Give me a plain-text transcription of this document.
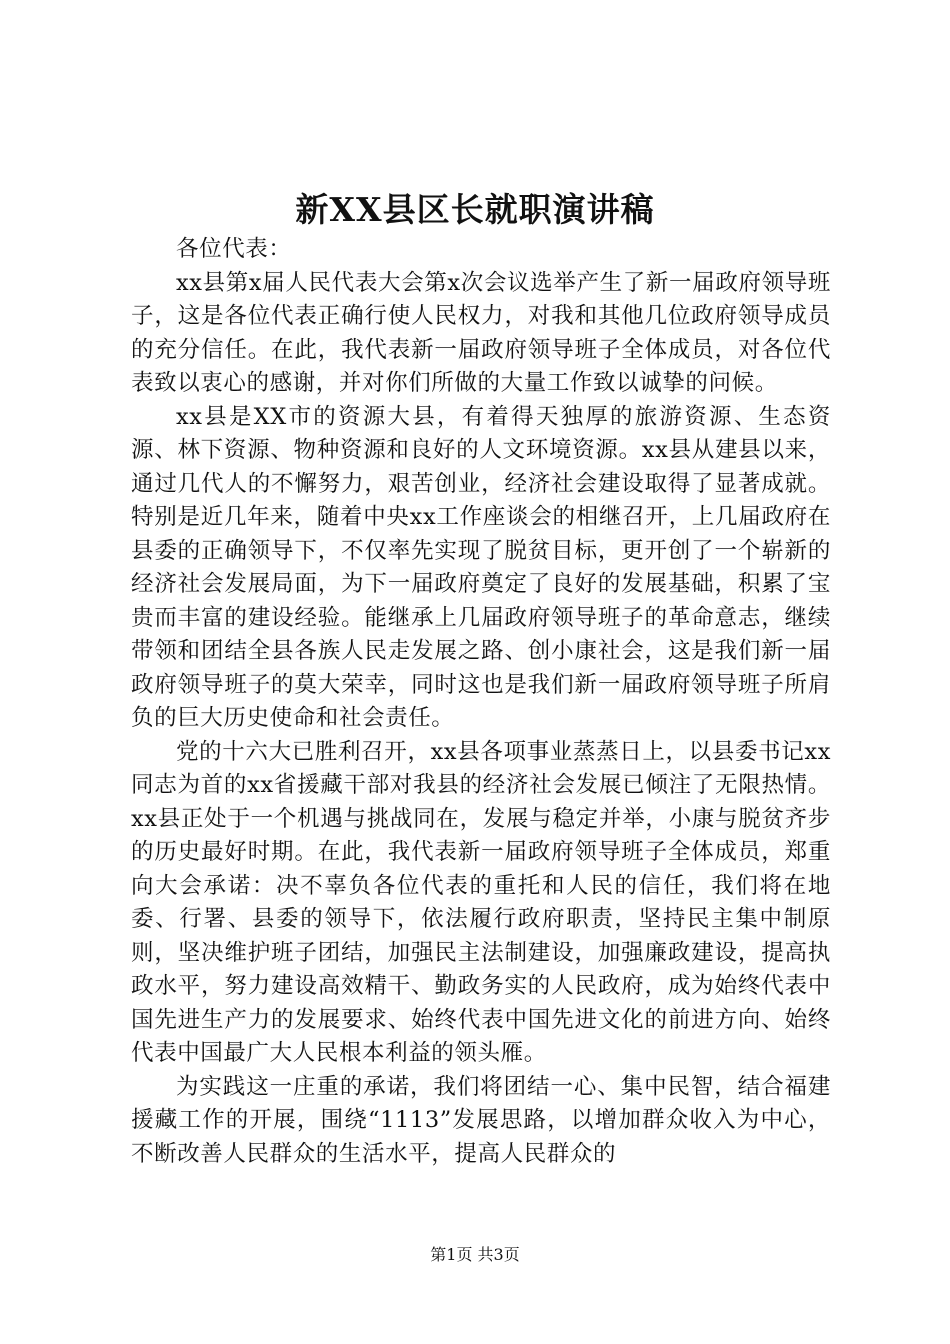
新XX县区长就职演讲稿

各位代表：

xx县第x届人民代表大会第x次会议选举产生了新一届政府领导班子，这是各位代表正确行使人民权力，对我和其他几位政府领导成员的充分信任。在此，我代表新一届政府领导班子全体成员，对各位代表致以衷心的感谢，并对你们所做的大量工作致以诚挚的问候。

xx县是XX市的资源大县，有着得天独厚的旅游资源、生态资源、林下资源、物种资源和良好的人文环境资源。xx县从建县以来，通过几代人的不懈努力，艰苦创业，经济社会建设取得了显著成就。特别是近几年来，随着中央xx工作座谈会的相继召开，上几届政府在县委的正确领导下，不仅率先实现了脱贫目标，更开创了一个崭新的经济社会发展局面，为下一届政府奠定了良好的发展基础，积累了宝贵而丰富的建设经验。能继承上几届政府领导班子的革命意志，继续带领和团结全县各族人民走发展之路、创小康社会，这是我们新一届政府领导班子的莫大荣幸，同时这也是我们新一届政府领导班子所肩负的巨大历史使命和社会责任。

党的十六大已胜利召开，xx县各项事业蒸蒸日上，以县委书记xx同志为首的xx省援藏干部对我县的经济社会发展已倾注了无限热情。xx县正处于一个机遇与挑战同在，发展与稳定并举，小康与脱贫齐步的历史最好时期。在此，我代表新一届政府领导班子全体成员，郑重向大会承诺：决不辜负各位代表的重托和人民的信任，我们将在地委、行署、县委的领导下，依法履行政府职责，坚持民主集中制原则，坚决维护班子团结，加强民主法制建设，加强廉政建设，提高执政水平，努力建设高效精干、勤政务实的人民政府，成为始终代表中国先进生产力的发展要求、始终代表中国先进文化的前进方向、始终代表中国最广大人民根本利益的领头雁。

为实践这一庄重的承诺，我们将团结一心、集中民智，结合福建援藏工作的开展，围绕“1113”发展思路，以增加群众收入为中心，不断改善人民群众的生活水平，提高人民群众的

第1页 共3页
